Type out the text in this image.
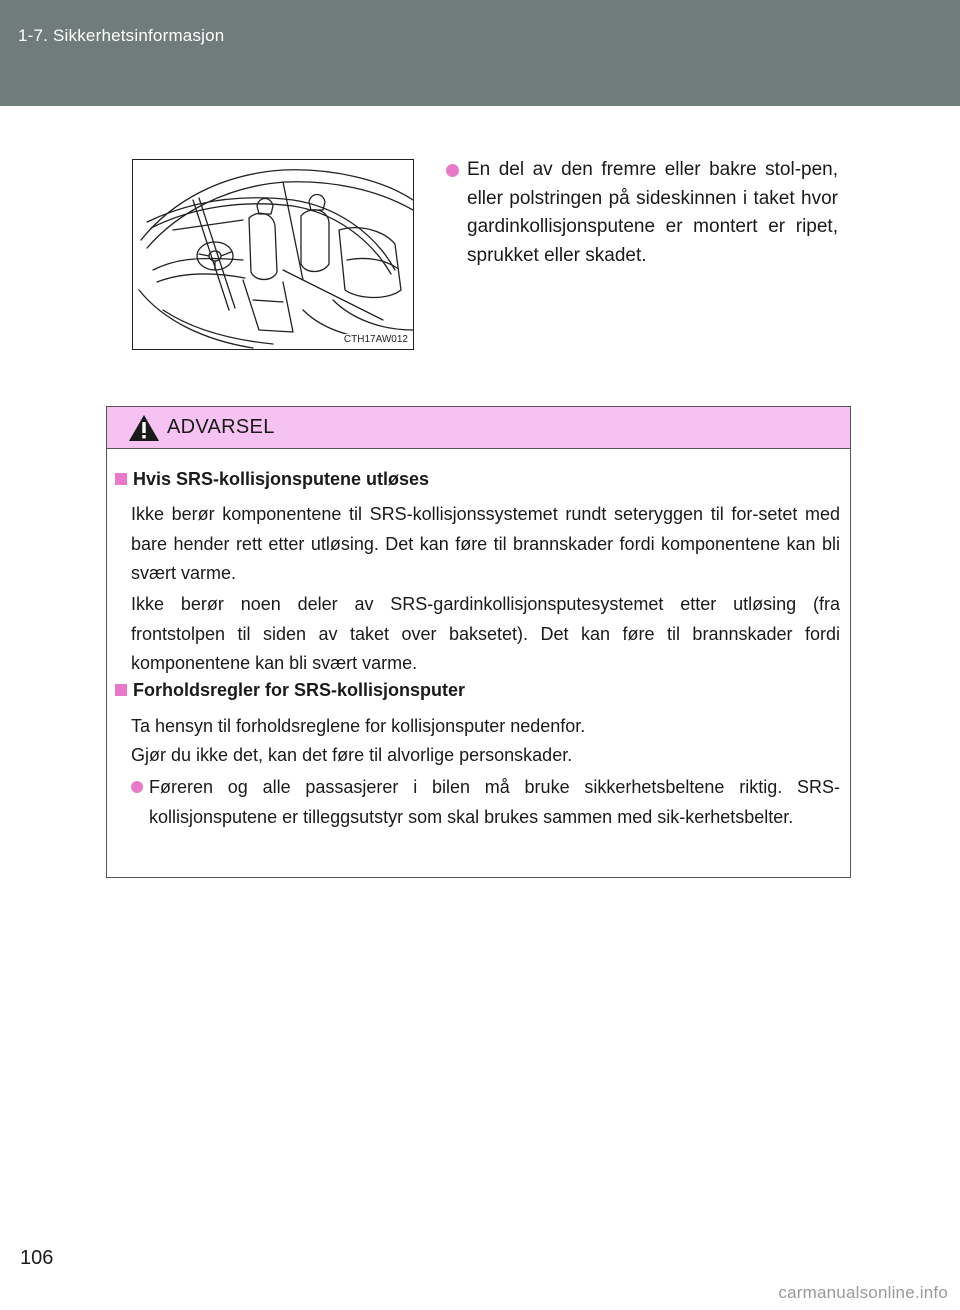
1-7. Sikkerhetsinformasjon
CTH17AW012
En del av den fremre eller bakre stol-pen, eller polstringen på sideskinnen i taket hvor gardinkollisjonsputene er montert er ripet, sprukket eller skadet.
ADVARSEL
Hvis SRS-kollisjonsputene utløses
Ikke berør komponentene til SRS-kollisjonssystemet rundt seteryggen til for-setet med bare hender rett etter utløsing. Det kan føre til brannskader fordi komponentene kan bli svært varme.
Ikke berør noen deler av SRS-gardinkollisjonsputesystemet etter utløsing (fra frontstolpen til siden av taket over baksetet). Det kan føre til brannskader fordi komponentene kan bli svært varme.
Forholdsregler for SRS-kollisjonsputer
Ta hensyn til forholdsreglene for kollisjonsputer nedenfor.
Gjør du ikke det, kan det føre til alvorlige personskader.
Føreren og alle passasjerer i bilen må bruke sikkerhetsbeltene riktig. SRS-kollisjonsputene er tilleggsutstyr som skal brukes sammen med sik-kerhetsbelter.
106
carmanualsonline.info
